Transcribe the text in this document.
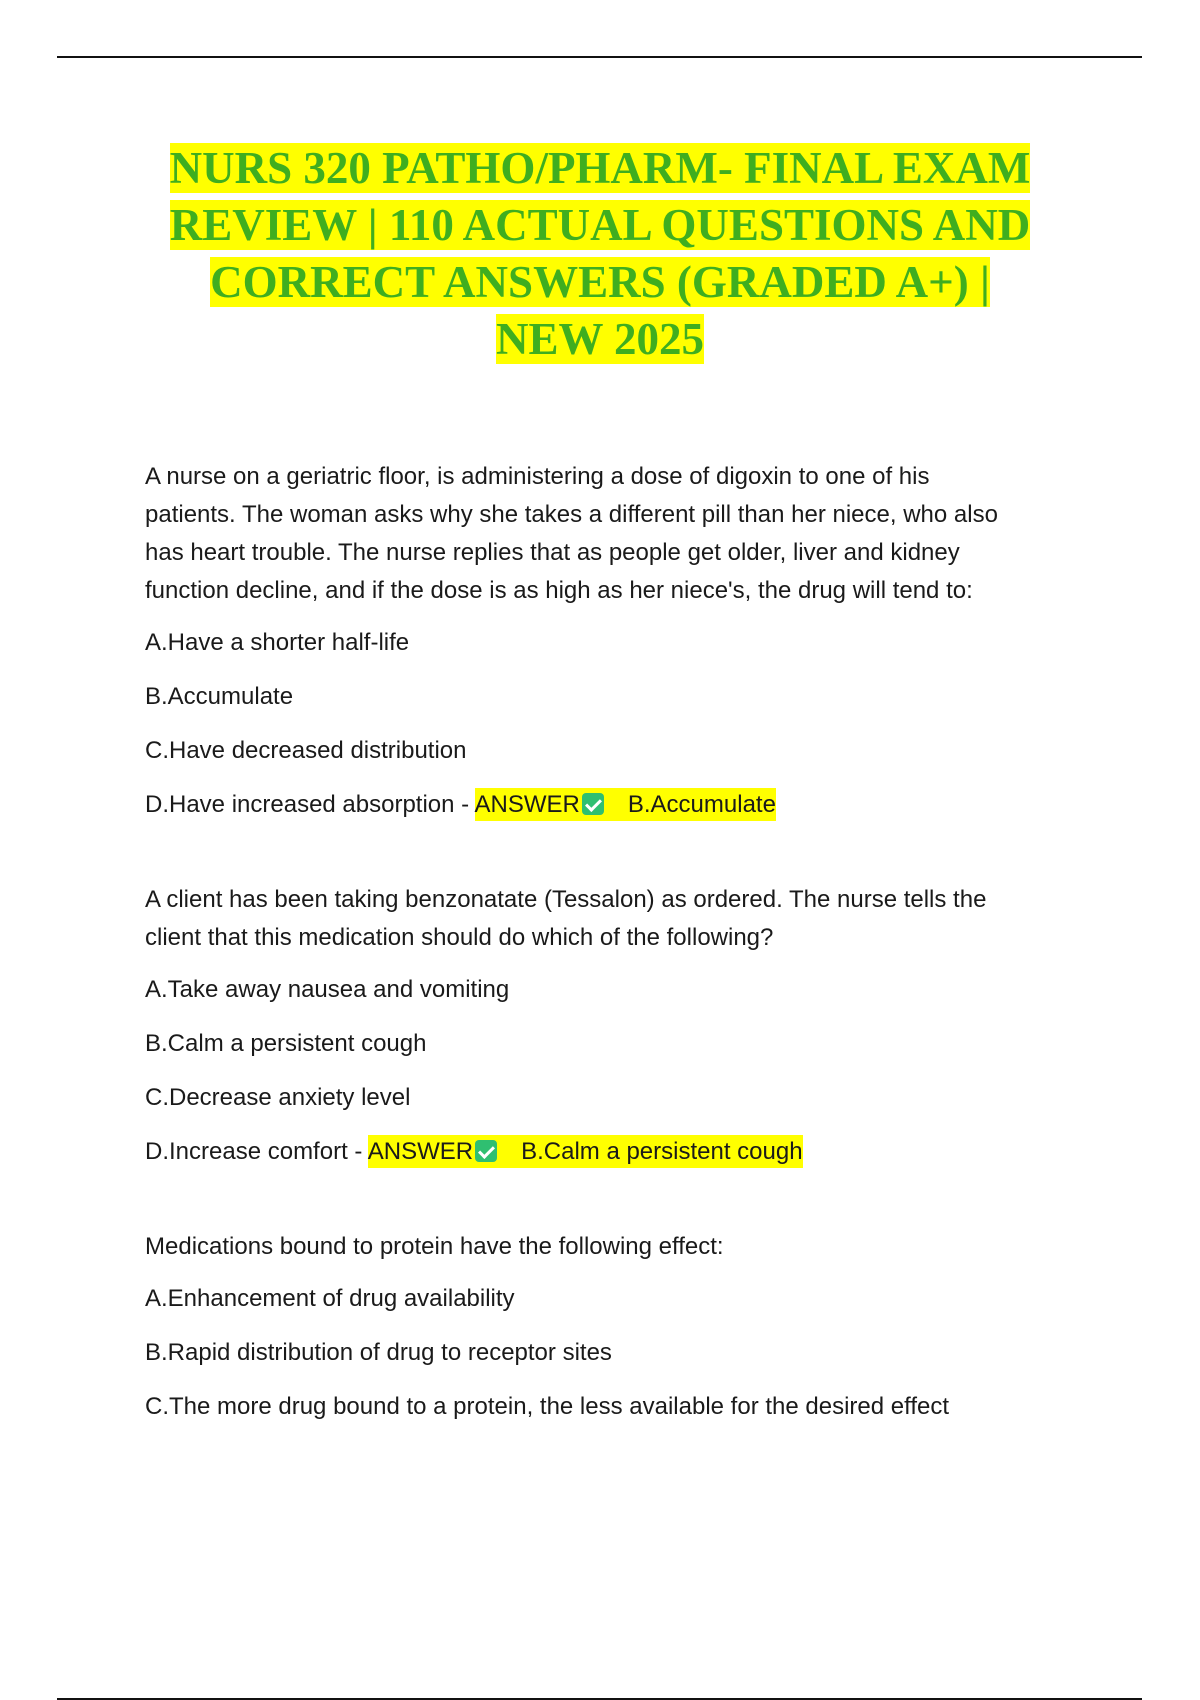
NURS 320 PATHO/PHARM- FINAL EXAM
REVIEW | 110 ACTUAL QUESTIONS AND
CORRECT ANSWERS (GRADED A+) |
NEW 2025

A nurse on a geriatric floor, is administering a dose of digoxin to one of his
patients. The woman asks why she takes a different pill than her niece, who also
has heart trouble. The nurse replies that as people get older, liver and kidney
function decline, and if the dose is as high as her niece's, the drug will tend to:

A.Have a shorter half-life

B.Accumulate

C.Have decreased distribution

D.Have increased absorption - ANSWER B.Accumulate

A client has been taking benzonatate (Tessalon) as ordered. The nurse tells the
client that this medication should do which of the following?

A.Take away nausea and vomiting

B.Calm a persistent cough

C.Decrease anxiety level

D.Increase comfort - ANSWER B.Calm a persistent cough

Medications bound to protein have the following effect:

A.Enhancement of drug availability

B.Rapid distribution of drug to receptor sites

C.The more drug bound to a protein, the less available for the desired effect
